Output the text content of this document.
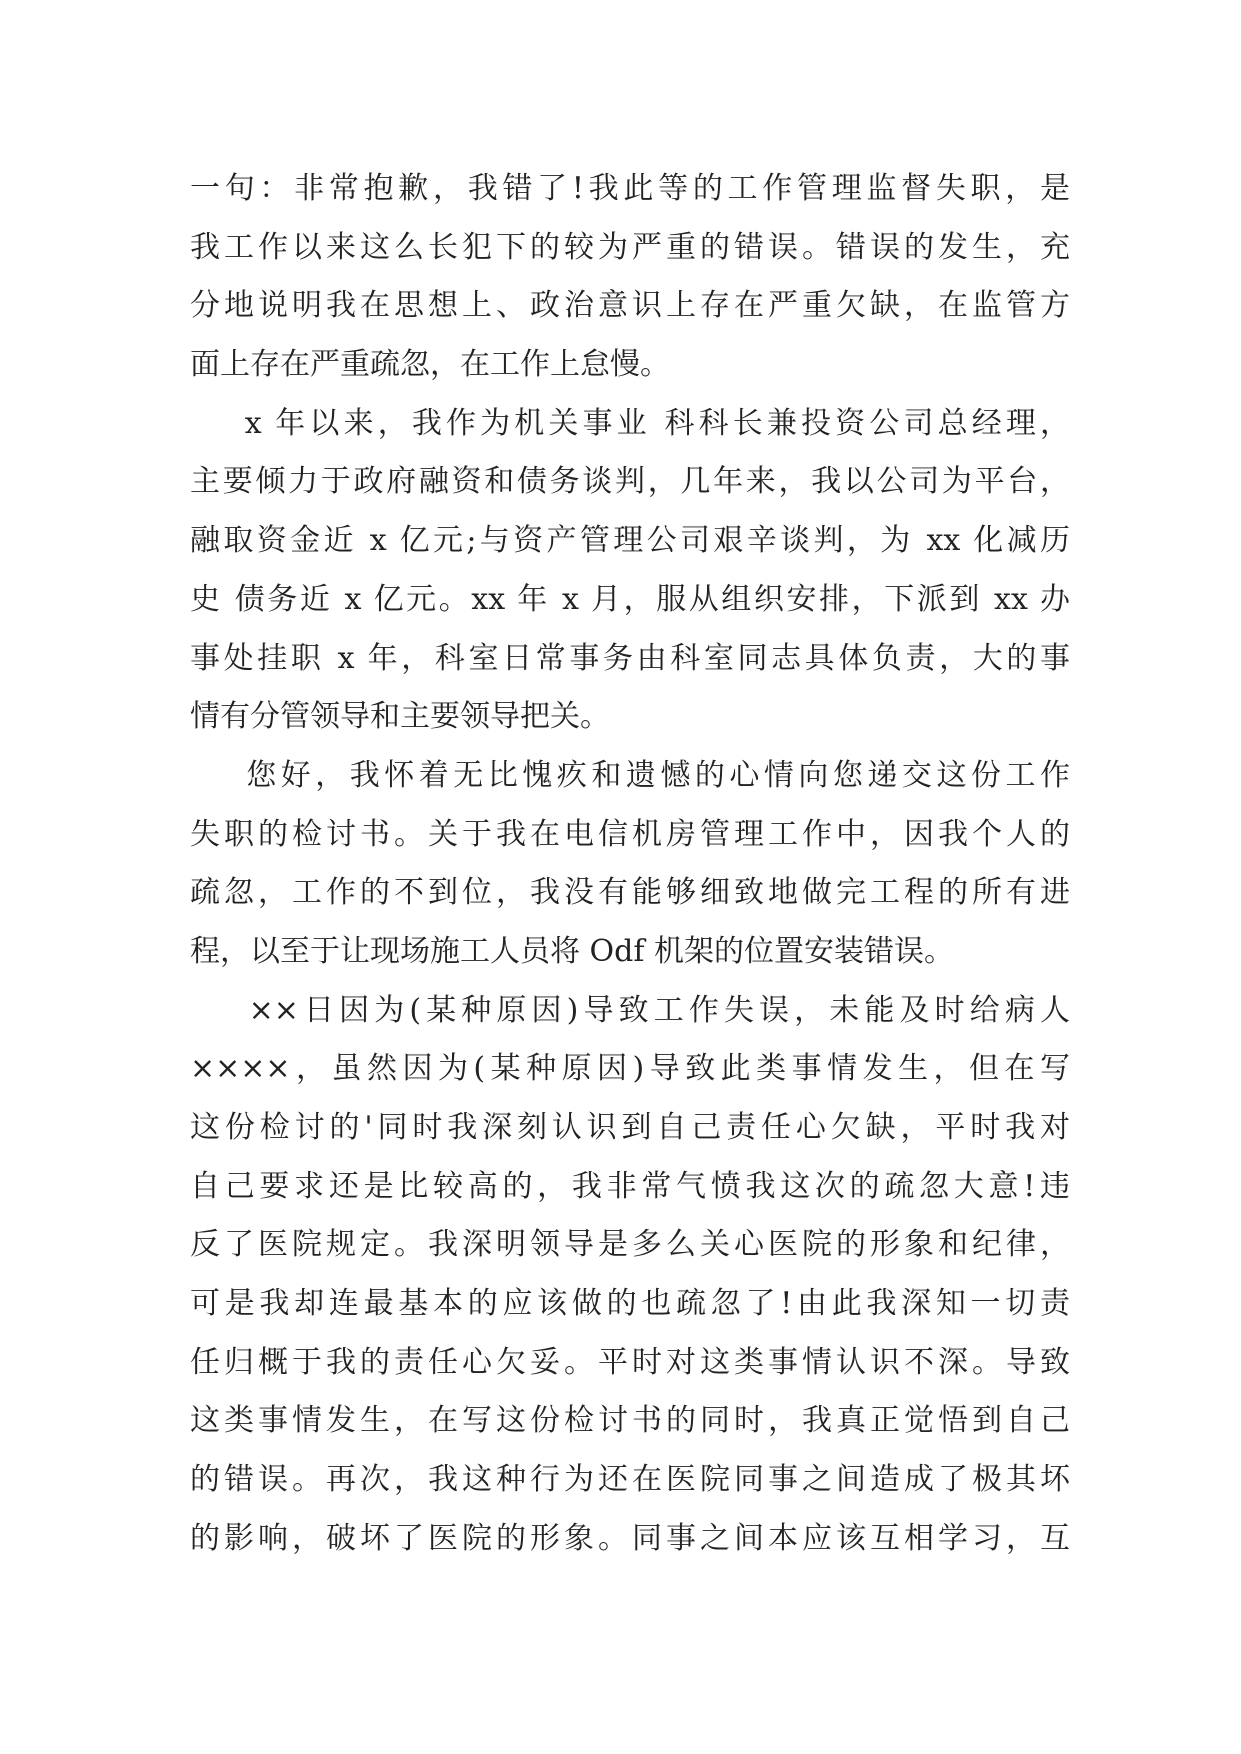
一句：非常抱歉，我错了!我此等的工作管理监督失职，是
我工作以来这么长犯下的较为严重的错误。错误的发生，充
分地说明我在思想上、政治意识上存在严重欠缺，在监管方
面上存在严重疏忽，在工作上怠慢。
x 年以来，我作为机关事业 科科长兼投资公司总经理，
主要倾力于政府融资和债务谈判，几年来，我以公司为平台，
融取资金近 x 亿元;与资产管理公司艰辛谈判，为 xx 化减历
史 债务近 x 亿元。xx 年 x 月，服从组织安排，下派到 xx 办
事处挂职 x 年，科室日常事务由科室同志具体负责，大的事
情有分管领导和主要领导把关。
您好，我怀着无比愧疚和遗憾的心情向您递交这份工作
失职的检讨书。关于我在电信机房管理工作中，因我个人的
疏忽，工作的不到位，我没有能够细致地做完工程的所有进
程，以至于让现场施工人员将 Odf 机架的位置安装错误。
××日因为(某种原因)导致工作失误，未能及时给病人
××××，虽然因为(某种原因)导致此类事情发生，但在写
这份检讨的'同时我深刻认识到自己责任心欠缺，平时我对
自己要求还是比较高的，我非常气愤我这次的疏忽大意!违
反了医院规定。我深明领导是多么关心医院的形象和纪律，
可是我却连最基本的应该做的也疏忽了!由此我深知一切责
任归概于我的责任心欠妥。平时对这类事情认识不深。导致
这类事情发生，在写这份检讨书的同时，我真正觉悟到自己
的错误。再次，我这种行为还在医院同事之间造成了极其坏
的影响，破坏了医院的形象。同事之间本应该互相学习，互
